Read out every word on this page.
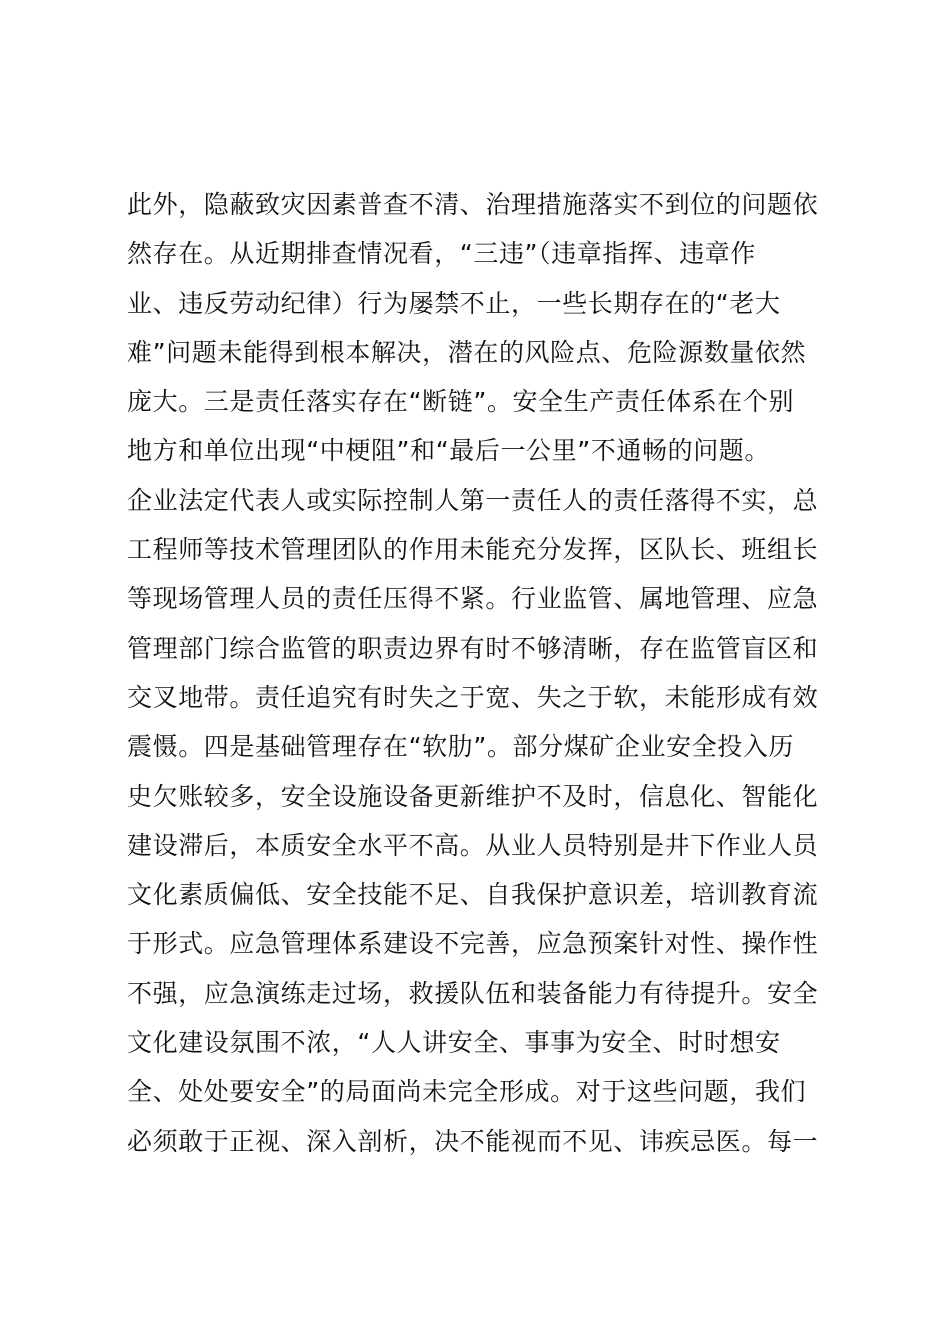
此外，隐蔽致灾因素普查不清、治理措施落实不到位的问题依
然存在。从近期排查情况看，“三违”（违章指挥、违章作
业、违反劳动纪律）行为屡禁不止，一些长期存在的“老大
难”问题未能得到根本解决，潜在的风险点、危险源数量依然
庞大。三是责任落实存在“断链”。安全生产责任体系在个别
地方和单位出现“中梗阻”和“最后一公里”不通畅的问题。
企业法定代表人或实际控制人第一责任人的责任落得不实，总
工程师等技术管理团队的作用未能充分发挥，区队长、班组长
等现场管理人员的责任压得不紧。行业监管、属地管理、应急
管理部门综合监管的职责边界有时不够清晰，存在监管盲区和
交叉地带。责任追究有时失之于宽、失之于软，未能形成有效
震慑。四是基础管理存在“软肋”。部分煤矿企业安全投入历
史欠账较多，安全设施设备更新维护不及时，信息化、智能化
建设滞后，本质安全水平不高。从业人员特别是井下作业人员
文化素质偏低、安全技能不足、自我保护意识差，培训教育流
于形式。应急管理体系建设不完善，应急预案针对性、操作性
不强，应急演练走过场，救援队伍和装备能力有待提升。安全
文化建设氛围不浓，“人人讲安全、事事为安全、时时想安
全、处处要安全”的局面尚未完全形成。对于这些问题，我们
必须敢于正视、深入剖析，决不能视而不见、讳疾忌医。每一
